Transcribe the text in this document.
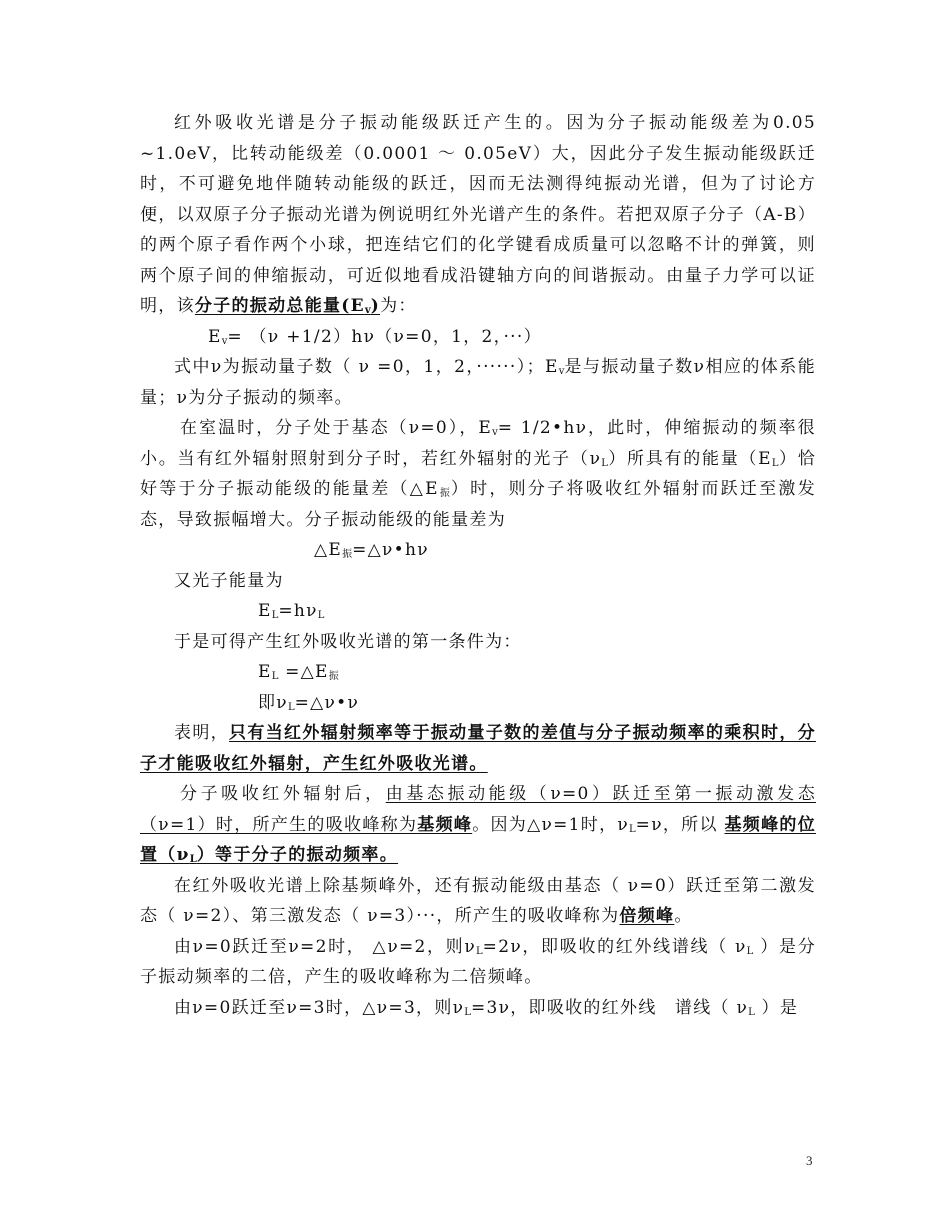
红外吸收光谱是分子振动能级跃迁产生的。因为分子振动能级差为0.05 ~1.0eV，比转动能级差（0.0001 ～ 0.05eV）大，因此分子发生振动能级跃迁时，不可避免地伴随转动能级的跃迁，因而无法测得纯振动光谱，但为了讨论方便，以双原子分子振动光谱为例说明红外光谱产生的条件。若把双原子分子（A-B）的两个原子看作两个小球，把连结它们的化学键看成质量可以忽略不计的弹簧，则两个原子间的伸缩振动，可近似地看成沿键轴方向的间谐振动。由量子力学可以证明，该分子的振动总能量$(E_v)$为：

$E_v= (\nu +1/2)h\nu(\nu=0$，1，2，···）

式中ν为振动量子数（ ν =0，1，2，······）；$E_v$是与振动量子数ν相应的体系能量；ν为分子振动的频率。

在室温时，分子处于基态（ν=0），$E_v=$ 1/2•hν，此时，伸缩振动的频率很小。当有红外辐射照射到分子时，若红外辐射的光子$(\nu_L)$所具有的能量$(E_L)$恰好等于分子振动能级的能量差$(\triangle E_振)$时，则分子将吸收红外辐射而跃迁至激发态，导致振幅增大。分子振动能级的能量差为

$\triangle E_振=\triangle\nu•h\nu$

又光子能量为

$E_L=h\nu_L$

于是可得产生红外吸收光谱的第一条件为：

$E_L$ $=\triangle E_振$

即$\nu_L=\triangle\nu•\nu$

表明，只有当红外辐射频率等于振动量子数的差值与分子振动频率的乘积时，分子才能吸收红外辐射，产生红外吸收光谱。

分子吸收红外辐射后，由基态振动能级（ν=0）跃迁至第一振动激发态（ν=1）时，所产生的吸收峰称为基频峰。因为△ν=1时，$\nu_L=\nu$，所以 基频峰的位置$(\nu_L)$等于分子的振动频率。

在红外吸收光谱上除基频峰外，还有振动能级由基态（ ν=0）跃迁至第二激发态（ ν=2）、第三激发态（ ν=3）···，所产生的吸收峰称为倍频峰。

由ν=0跃迁至ν=2时， △ν=2，则$\nu_L=2\nu$，即吸收的红外线谱线（ $\nu_L$ ）是分子振动频率的二倍，产生的吸收峰称为二倍频峰。

由ν=0跃迁至ν=3时，△ν=3，则$\nu_L=3\nu$，即吸收的红外线　谱线（ $\nu_L$ ）是

3
